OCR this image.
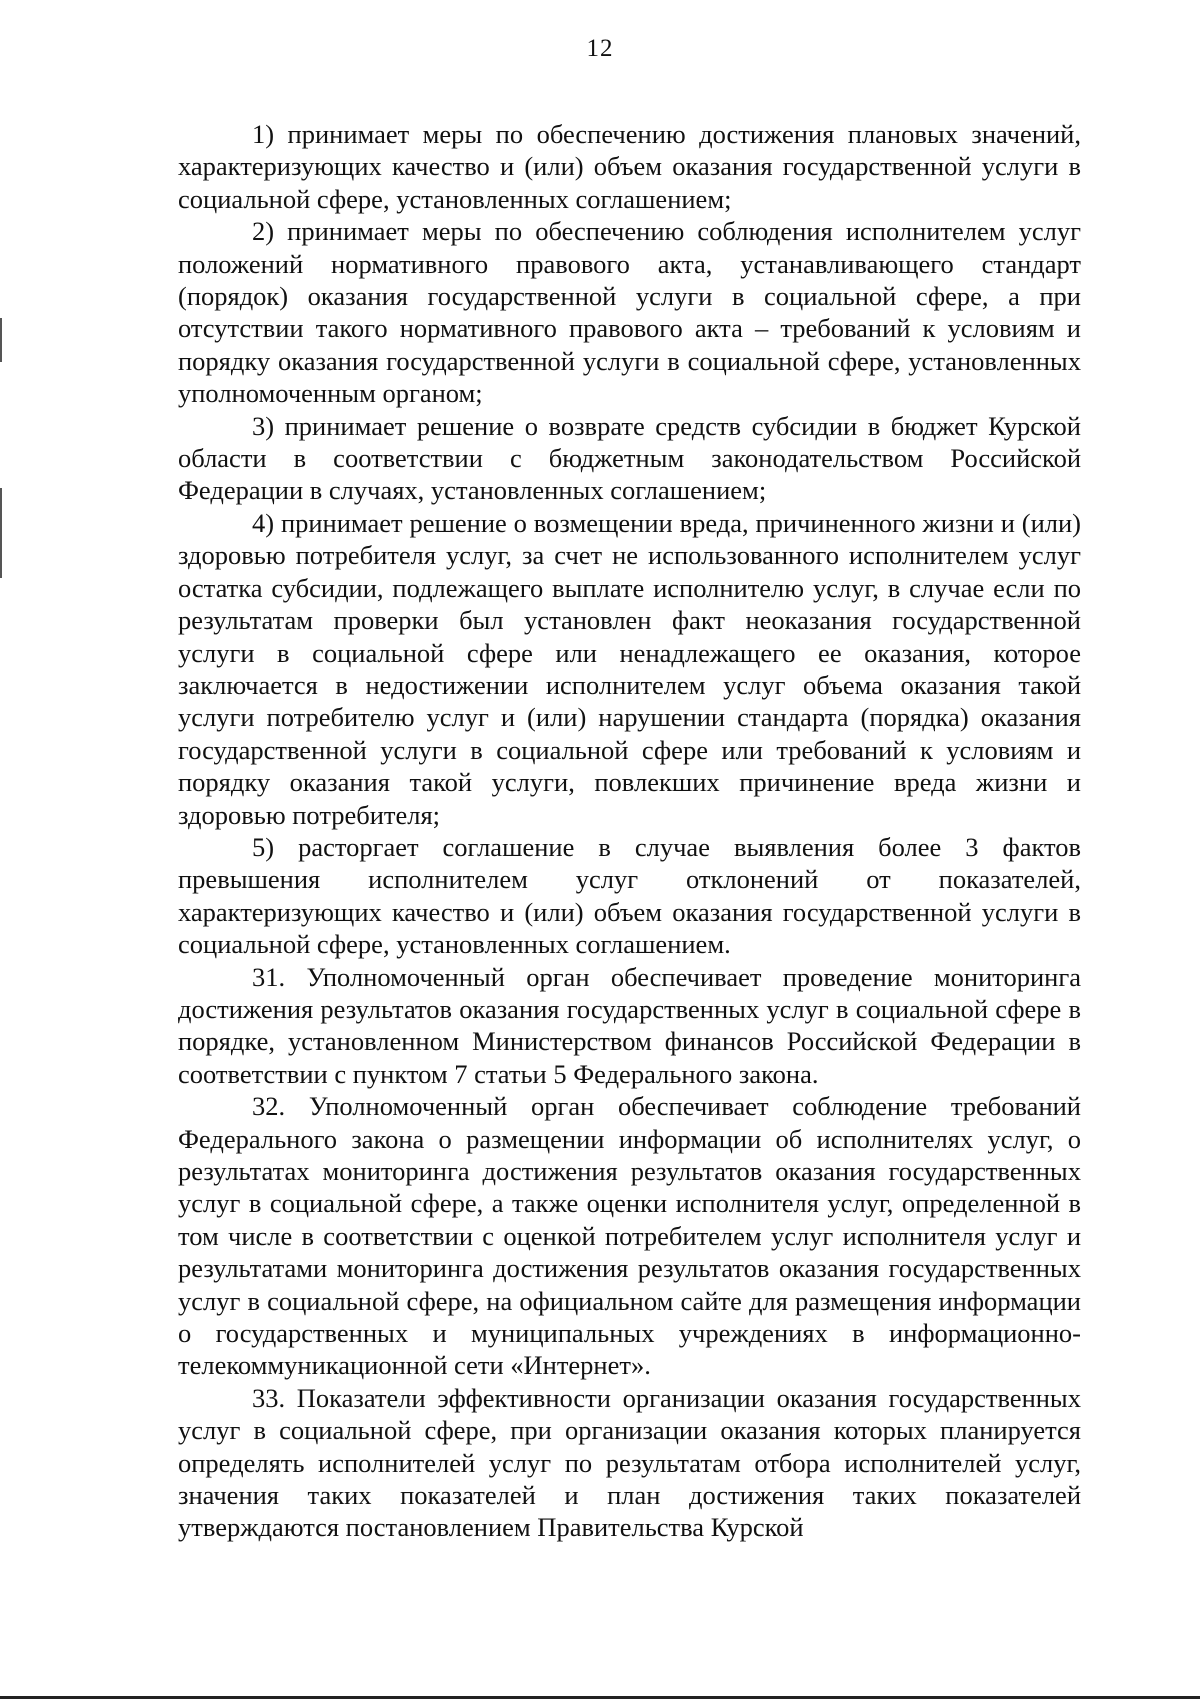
12

1) принимает меры по обеспечению достижения плановых значений, характеризующих качество и (или) объем оказания государственной услуги в социальной сфере, установленных соглашением;

2) принимает меры по обеспечению соблюдения исполнителем услуг положений нормативного правового акта, устанавливающего стандарт (порядок) оказания государственной услуги в социальной сфере, а при отсутствии такого нормативного правового акта – требований к условиям и порядку оказания государственной услуги в социальной сфере, установленных уполномоченным органом;

3) принимает решение о возврате средств субсидии в бюджет Курской области в соответствии с бюджетным законодательством Российской Федерации в случаях, установленных соглашением;

4) принимает решение о возмещении вреда, причиненного жизни и (или) здоровью потребителя услуг, за счет не использованного исполнителем услуг остатка субсидии, подлежащего выплате исполнителю услуг, в случае если по результатам проверки был установлен факт неоказания государственной услуги в социальной сфере или ненадлежащего ее оказания, которое заключается в недостижении исполнителем услуг объема оказания такой услуги потребителю услуг и (или) нарушении стандарта (порядка) оказания государственной услуги в социальной сфере или требований к условиям и порядку оказания такой услуги, повлекших причинение вреда жизни и здоровью потребителя;

5) расторгает соглашение в случае выявления более 3 фактов превышения исполнителем услуг отклонений от показателей, характеризующих качество и (или) объем оказания государственной услуги в социальной сфере, установленных соглашением.

31. Уполномоченный орган обеспечивает проведение мониторинга достижения результатов оказания государственных услуг в социальной сфере в порядке, установленном Министерством финансов Российской Федерации в соответствии с пунктом 7 статьи 5 Федерального закона.

32. Уполномоченный орган обеспечивает соблюдение требований Федерального закона о размещении информации об исполнителях услуг, о результатах мониторинга достижения результатов оказания государственных услуг в социальной сфере, а также оценки исполнителя услуг, определенной в том числе в соответствии с оценкой потребителем услуг исполнителя услуг и результатами мониторинга достижения результатов оказания государственных услуг в социальной сфере, на официальном сайте для размещения информации о государственных и муниципальных учреждениях в информационно-телекоммуникационной сети «Интернет».

33. Показатели эффективности организации оказания государственных услуг в социальной сфере, при организации оказания которых планируется определять исполнителей услуг по результатам отбора исполнителей услуг, значения таких показателей и план достижения таких показателей утверждаются постановлением Правительства Курской
